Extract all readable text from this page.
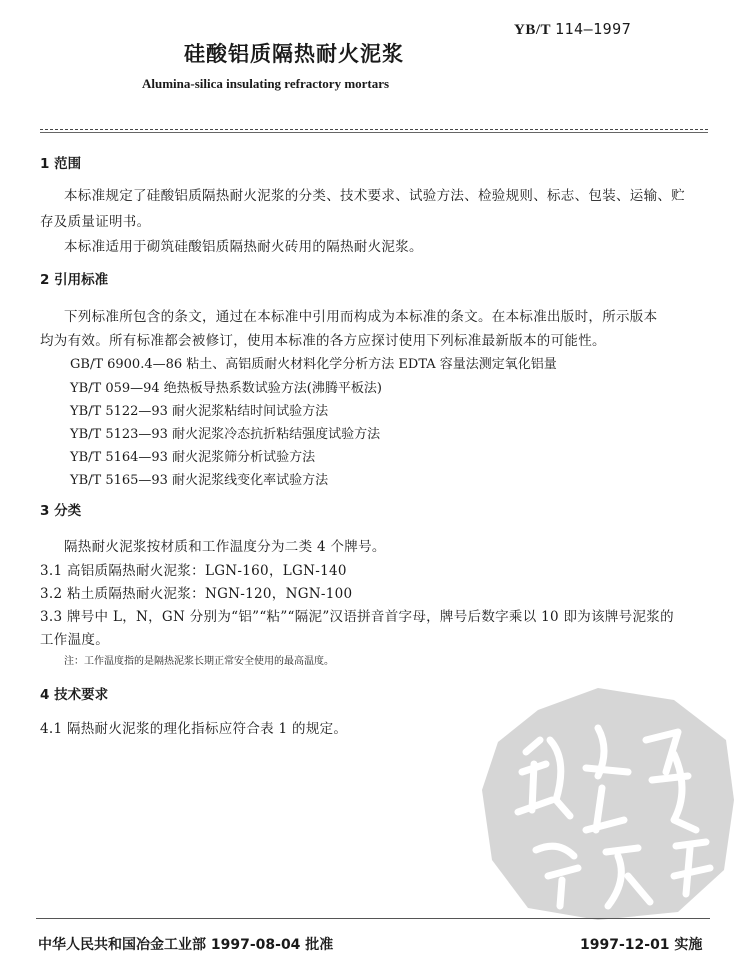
YB/T 114—1997
硅酸铝质隔热耐火泥浆
Alumina-silica insulating refractory mortars
1 范围
本标准规定了硅酸铝质隔热耐火泥浆的分类、技术要求、试验方法、检验规则、标志、包装、运输、贮
存及质量证明书。
本标准适用于砌筑硅酸铝质隔热耐火砖用的隔热耐火泥浆。
2 引用标准
下列标准所包含的条文，通过在本标准中引用而构成为本标准的条文。在本标准出版时，所示版本
均为有效。所有标准都会被修订，使用本标准的各方应探讨使用下列标准最新版本的可能性。
GB/T 6900.4—86 粘土、高铝质耐火材料化学分析方法 EDTA 容量法测定氧化铝量
YB/T 059—94 绝热板导热系数试验方法(沸腾平板法)
YB/T 5122—93 耐火泥浆粘结时间试验方法
YB/T 5123—93 耐火泥浆冷态抗折粘结强度试验方法
YB/T 5164—93 耐火泥浆筛分析试验方法
YB/T 5165—93 耐火泥浆线变化率试验方法
3 分类
隔热耐火泥浆按材质和工作温度分为二类 4 个牌号。
3.1 高铝质隔热耐火泥浆：LGN-160，LGN-140
3.2 粘土质隔热耐火泥浆：NGN-120，NGN-100
3.3 牌号中 L，N，GN 分别为“铝”“粘”“隔泥”汉语拼音首字母，牌号后数字乘以 10 即为该牌号泥浆的
工作温度。
注：工作温度指的是隔热泥浆长期正常安全使用的最高温度。
4 技术要求
4.1 隔热耐火泥浆的理化指标应符合表 1 的规定。
中华人民共和国冶金工业部 1997-08-04 批准	1997-12-01 实施
